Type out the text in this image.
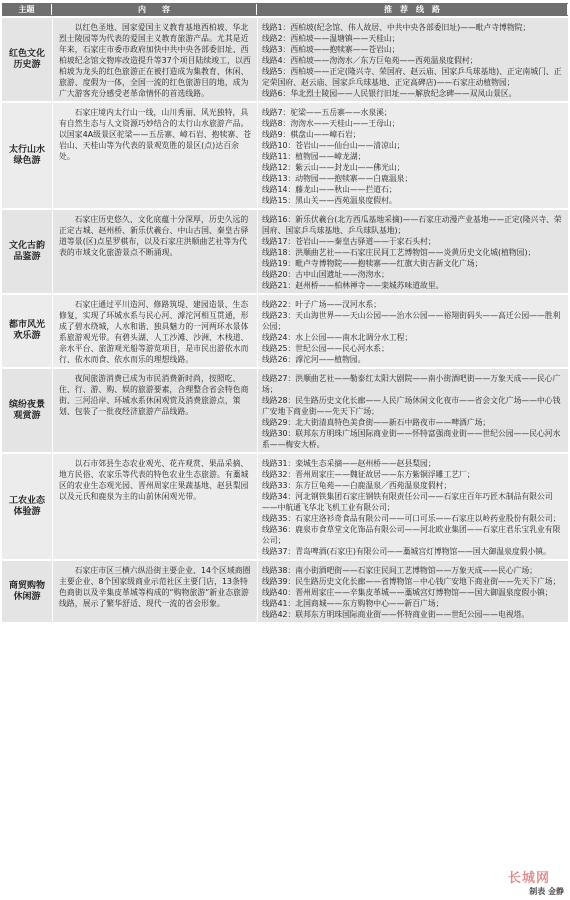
主题	内　　容	推　荐　线　路
红色文化历史游
以红色圣地、国家爱国主义教育基地西柏坡、华北烈士陵园等为代表的爱国主义教育旅游产品。尤其是近年来，石家庄市委市政府加快中共中央各部委旧址、西柏坡纪念馆文物库改造提升等37个项目陆续竣工，以西柏坡为龙头的红色旅游正在被打造成为集教育、休闲、旅游、度假为一体，全国一流的红色旅游目的地，成为广大游客充分感受老革命情怀的首选线路。
线路1：西柏坡(纪念馆、伟人故居、中共中央各部委旧址)——毗卢寺博物院；
线路2：西柏坡——温塘镇——天桂山；
线路3：西柏坡——抱犊寨——苍岩山；
线路4：西柏坡——沕沕水／东方巨龟苑——西苑温泉度假村；
线路5：西柏坡——正定(隆兴寺、荣国府、赵云庙、国家乒乓球基地)、正定南城门、正定荣国府、赵云庙、国家乒乓球基地、正定高碑店)——石家庄动植物园；
线路6：华北烈士陵园——人民银行旧址——解放纪念碑——双凤山景区。
太行山水绿色游
石家庄境内太行山一线，山川秀丽、风光独特，具有自然生态与人文资源巧妙结合的太行山水旅游产品。以国家4A级景区驼梁——五岳寨、嶂石岩、抱犊寨、苍岩山、天桂山等为代表的景观览胜的景区(点)达百余处。
线路7：驼梁——五岳寨——水泉溪；
线路8：沕沕水——天桂山——王母山；
线路9：棋盘山——嶂石岩；
线路10：苍岩山——仙台山——清凉山；
线路11：植物园——嶂龙湖；
线路12：紫云山——封龙山——佛光山；
线路13：动物园——抱犊寨——白鹿温泉；
线路14：藤龙山——秋山——拦道石；
线路15：黑山关——西苑温泉度假村。
文化古韵品鉴游
石家庄历史悠久、文化底蕴十分深厚，历史久远的正定古城、赵州桥、新乐伏羲台、中山古国、秦皇古驿道等景(区)点星罗棋布，以及石家庄洪顺曲艺社等为代表的市域文化旅游景点不断涌现。
线路16：新乐伏羲台(北方西瓜基地采摘)——石家庄动漫产业基地——正定(隆兴寺、荣国府、国家乒乓球基地、乒乓球队基地)；
线路17：苍岩山——秦皇古驿道——于家石头村；
线路18：洪顺曲艺社——石家庄民间工艺博物馆——炎黄历史文化城(植物园)；
线路19：毗卢寺博物院——抱犊寨——红旗大街吉新文化广场；
线路20：古中山国遗址——沕沕水；
线路21：赵州桥——柏林禅寺——栾城苏味道故里。
都市风光欢乐游
石家庄通过平川造河、修路筑堤、建园造景、生态修复，实现了环城水系与民心河、滹沱河相互贯通，形成了碧水绕城，人水和谐、独具魅力的一河两环水景体系旅游观光带。有碧头湖、人工沙滩、沙洲、木栈道、亲水平台、旅游观光船等游览项目，是市民出游依水而行、依水而食、依水而乐的理想线路。
线路22：叶子广场——汊河水系；
线路23：天山海世界——天山公园——治水公园——裕翔街码头——高迁公园——胜利公园；
线路24：水上公园——南水北调分水工程；
线路25：世纪公园——民心河水系；
线路26：滹沱河——植物园。
缤纷夜景观赏游
夜间旅游消费已成为市民消费新时尚，按照吃、住、行、游、购、娱的旅游要素，合理整合省会特色商街、三河沿岸、环城水系休闲观赏及消费旅游点，策划、包装了一批夜经济旅游产品线路。
线路27：洪顺曲艺社——勒泰红太阳大剧院——南小街酒吧街——万象天成——民心广场；
线路28：民生路历史文化长廊——人民广场休闲文化夜市——省会文化广场——中心钱广安地下商业街——先天下广场；
线路29：北大街清真特色美食街——新石中路夜市——啤酒广场；
线路30：联邦东方明珠广场国际商业街——怀特富强商业街——世纪公园——民心河水系——梅安大桥。
工农业态体验游
以石市郊县生态农业观光、花卉观赏、果品采摘、地方民俗、农家乐等代表的特色农业生态旅游。有藁城区的农业生态观光园、晋州周家庄果蔬基地、赵县梨园以及元氏和鹿泉为主的山前休闲观光带。
线路31：栾城生态采摘——赵州桥——赵县梨园；
线路32：晋州周家庄——魏征故居——东方紫铜浮雕工艺厂；
线路33：东方巨龟苑——白鹿温泉／西苑温泉度假村；
线路34：河北钢铁集团石家庄钢铁有限责任公司——石家庄百年巧匠木制品有限公司——中航通飞华北飞机工业有限公司；
线路35：石家庄洛衫奇食品有限公司——可口可乐——石家庄以岭药业股份有限公司；
线路36：鹿泉市食草堂文化饰品有限公司——河北欧业集团——石家庄君乐宝乳业有限公司；
线路37：青岛啤酒(石家庄)有限公司——藁城宫灯博物馆——国大御温泉度假小镇。
商贸购物休闲游
石家庄市区三横六纵沿街主要企业、14个区域商圈主要企业、8个国家级商业示范社区主要门店，13条特色商街以及辛集皮革城等构成的“购物旅游”新业态旅游线路，展示了繁华舒适、现代一流的省会形象。
线路38：南小街酒吧街——石家庄民间工艺博物馆——万象天成——民心广场；
线路39：民生路历史文化长廊——省博物馆－中心钱广安地下商业街——先天下广场；
线路40：晋州周家庄——辛集皮革城——藁城宫灯博物馆——国大御温泉度假小镇；
线路41：北国商城——东方购物中心——新百广场；
线路42：联邦东方明珠国际商业街——怀特商业街——世纪公园——电视塔。
长城网
制表 金静
